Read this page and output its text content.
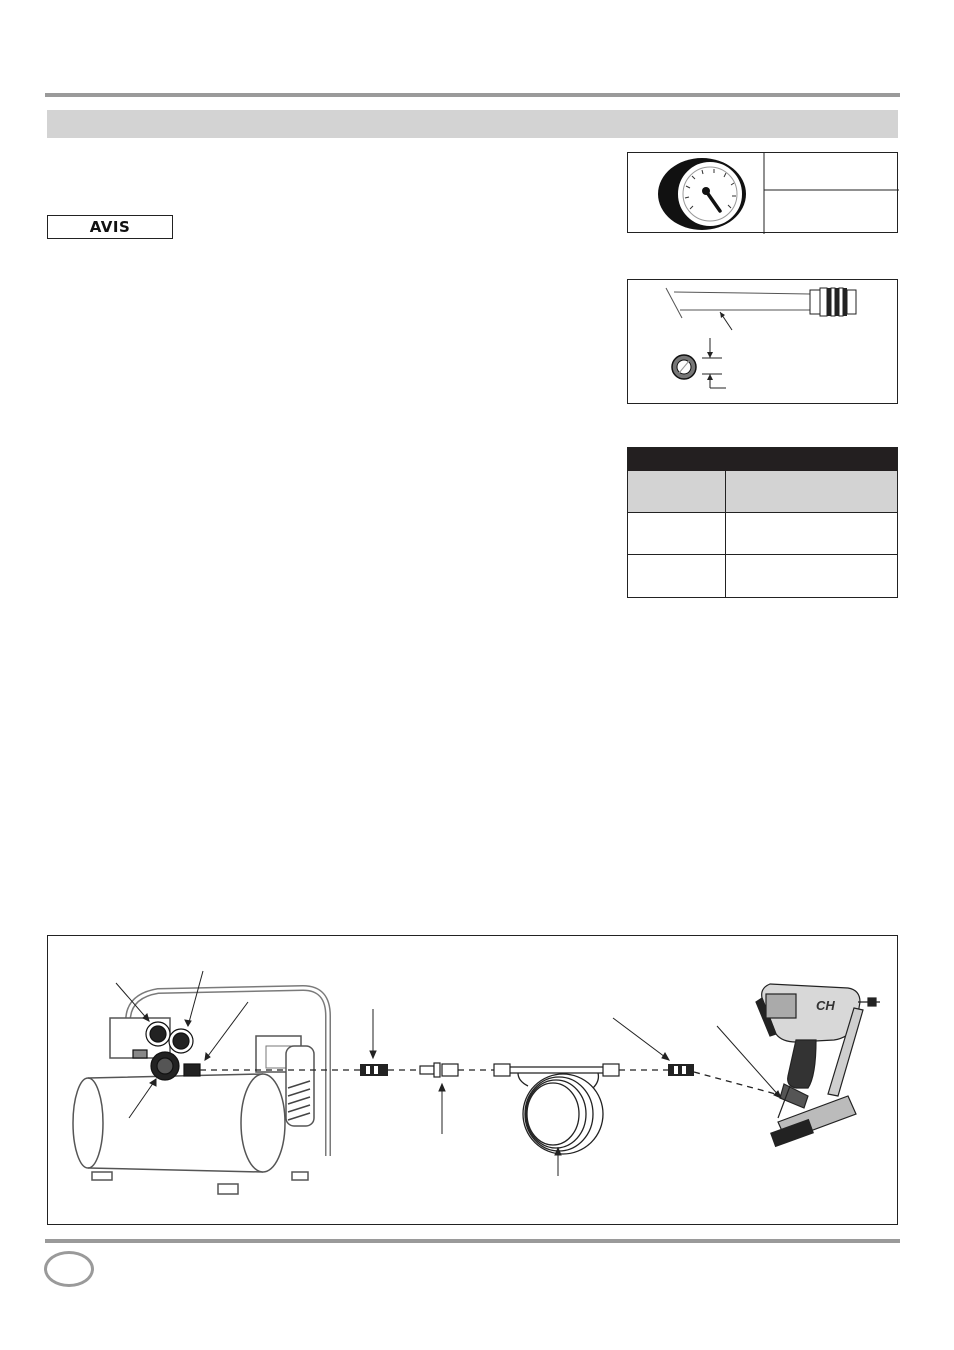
AVIS
CH
